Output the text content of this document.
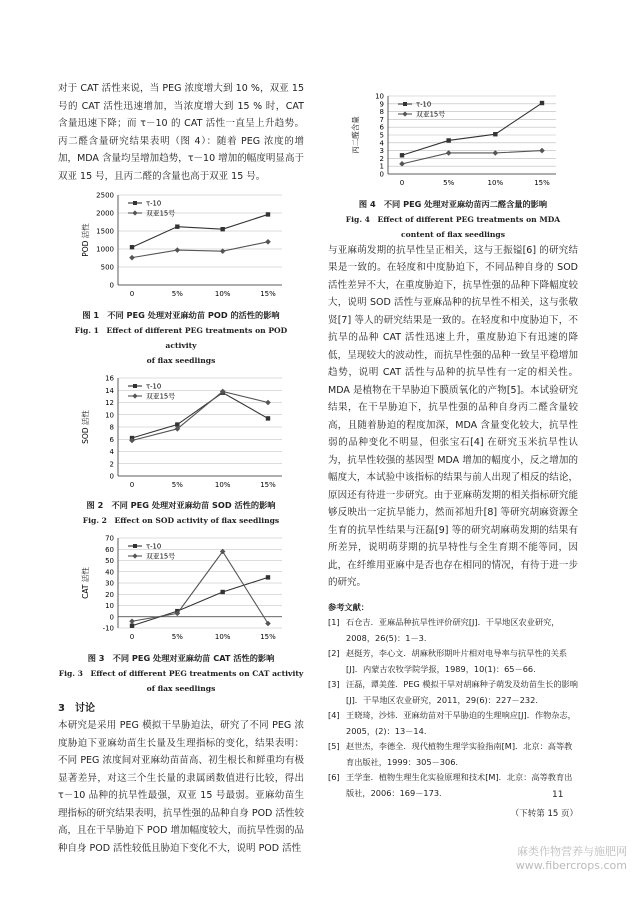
对于 CAT 活性来说，当 PEG 浓度增大到 10 %，双亚 15 号的 CAT 活性迅速增加，当浓度增大到 15 % 时，CAT 含量迅速下降；而 τ－10 的 CAT 活性一直呈上升趋势。丙二醛含量研究结果表明（图 4）：随着 PEG 浓度的增加，MDA 含量均呈增加趋势，τ－10 增加的幅度明显高于双亚 15 号，且丙二醛的含量也高于双亚 15 号。

POD 活性
0
500
1000
1500
2000
2500
0	5%	10%	15%
τ-10
双亚15号
图 1　不同 PEG 处理对亚麻幼苗 POD 的活性的影响
Fig. 1　Effect of different PEG treatments on POD activity
of flax seedlings
SOD 活性
0
2
4
6
8
10
12
14
16
0	5%	10%	15%
τ-10
双亚15号
图 2　不同 PEG 处理对亚麻幼苗 SOD 活性的影响
Fig. 2　Effect on SOD activity of flax seedlings
CAT 活性
-10
0
10
20
30
40
50
60
70
0	5%	10%	15%
τ-10
双亚15号
图 3　不同 PEG 处理对亚麻幼苗 CAT 活性的影响
Fig. 3　Effect of different PEG treatments on CAT activity
of flax seedlings
3　讨论

本研究是采用 PEG 模拟干旱胁迫法，研究了不同 PEG 浓度胁迫下亚麻幼苗生长量及生理指标的变化，结果表明：不同 PEG 浓度间对亚麻幼苗苗高、初生根长和鲜重均有极显著差异，对这三个生长量的隶属函数值进行比较，得出 τ－10 品种的抗旱性最强，双亚 15 号最弱。亚麻幼苗生理指标的研究结果表明，抗旱性强的品种自身 POD 活性较高，且在干旱胁迫下 POD 增加幅度较大，而抗旱性弱的品种自身 POD 活性较低且胁迫下变化不大，说明 POD 活性

丙二醛含量
0
1
2
3
4
5
6
7
8
9
10
0	5%	10%	15%
τ-10
双亚15号
图 4　不同 PEG 处理对亚麻幼苗丙二醛含量的影响
Fig. 4　Effect of different PEG treatments on MDA
content of flax seedlings

与亚麻萌发期的抗旱性呈正相关，这与王振镒[6] 的研究结果是一致的。在轻度和中度胁迫下，不同品种自身的 SOD 活性差异不大，在重度胁迫下，抗旱性强的品种下降幅度较大，说明 SOD 活性与亚麻品种的抗旱性不相关，这与张敬贤[7] 等人的研究结果是一致的。在轻度和中度胁迫下，不抗旱的品种 CAT 活性迅速上升，重度胁迫下有迅速的降低，呈现较大的波动性，而抗旱性强的品种一致呈平稳增加趋势，说明 CAT 活性与品种的抗旱性有一定的相关性。MDA 是植物在干旱胁迫下膜质氧化的产物[5]。本试验研究结果，在干旱胁迫下，抗旱性强的品种自身丙二醛含量较高，且随着胁迫的程度加深，MDA 含量变化较大，抗旱性弱的品种变化不明显，但张宝石[4] 在研究玉米抗旱性认为，抗旱性较强的基因型 MDA 增加的幅度小，反之增加的幅度大，本试验中该指标的结果与前人出现了相反的结论，原因还有待进一步研究。由于亚麻萌发期的相关指标研究能够反映出一定抗旱能力，然而祁旭升[8] 等研究胡麻资源全生育的抗旱性结果与汪磊[9] 等的研究胡麻萌发期的结果有所差异，说明萌芽期的抗旱特性与全生育期不能等同，因此，在纤维用亚麻中是否也存在相同的情况，有待于进一步的研究。

参考文献：
[1] 石仓吉．亚麻品种抗旱性评价研究[J]．干旱地区农业研究，2008，26(5)：1－3.
[2] 赵挺芳，李心文．胡麻秋形期叶片相对电导率与抗旱性的关系[J]．内蒙古农牧学院学报，1989，10(1)：65－66.
[3] 汪磊，谭美莲．PEG 模拟干旱对胡麻种子萌发及幼苗生长的影响[J]．干旱地区农业研究，2011，29(6)：227－232.
[4] 王晓琦，沙炜．亚麻幼苗对干旱胁迫的生理响应[J]．作物杂志，2005，(2)：13－14.
[5] 赵世杰，李德全．现代植物生理学实验指南[M]．北京：高等教育出版社，1999：305－306.
[6] 王学奎．植物生理生化实验原理和技术[M]．北京：高等教育出版社，2006：169－173.
（下转第 15 页）
11
麻类作物营养与施肥网
www.fibercrops.com
